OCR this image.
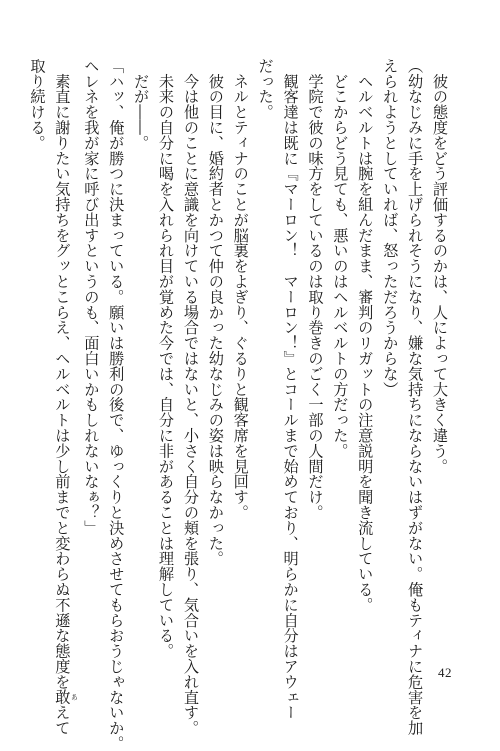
　彼の態度をどう評価するのかは、人によって大きく違う。
（幼なじみに手を上げられそうになり、嫌な気持ちにならないはずがない。俺もティナに危害を加
えられようとしていれば、怒っただろうからな）
　ヘルベルトは腕を組んだまま、審判のリガットの注意説明を聞き流している。
　どこからどう見ても、悪いのはヘルベルトの方だった。
　学院で彼の味方をしているのは取り巻きのごく一部の人間だけ。
　観客達は既に『マーロン！　マーロン！』とコールまで始めており、明らかに自分はアウェー
だった。
　ネルとティナのことが脳裏をよぎり、ぐるりと観客席を見回す。
　彼の目に、婚約者とかつて仲の良かった幼なじみの姿は映らなかった。
　今は他のことに意識を向けている場合ではないと、小さく自分の頬を張り、気合いを入れ直す。
　未来の自分に喝を入れられ目が覚めた今では、自分に非があることは理解している。
　だが――。
「ハッ、俺が勝つに決まっている。願いは勝利の後で、ゆっくりと決めさせてもらおうじゃないか。
ヘレネを我が家に呼び出すというのも、面白いかもしれないなぁ？」
　素直に謝りたい気持ちをグッとこらえ、ヘルベルトは少し前までと変わらぬ不遜な態度を敢 あえて
取り続ける。
42
